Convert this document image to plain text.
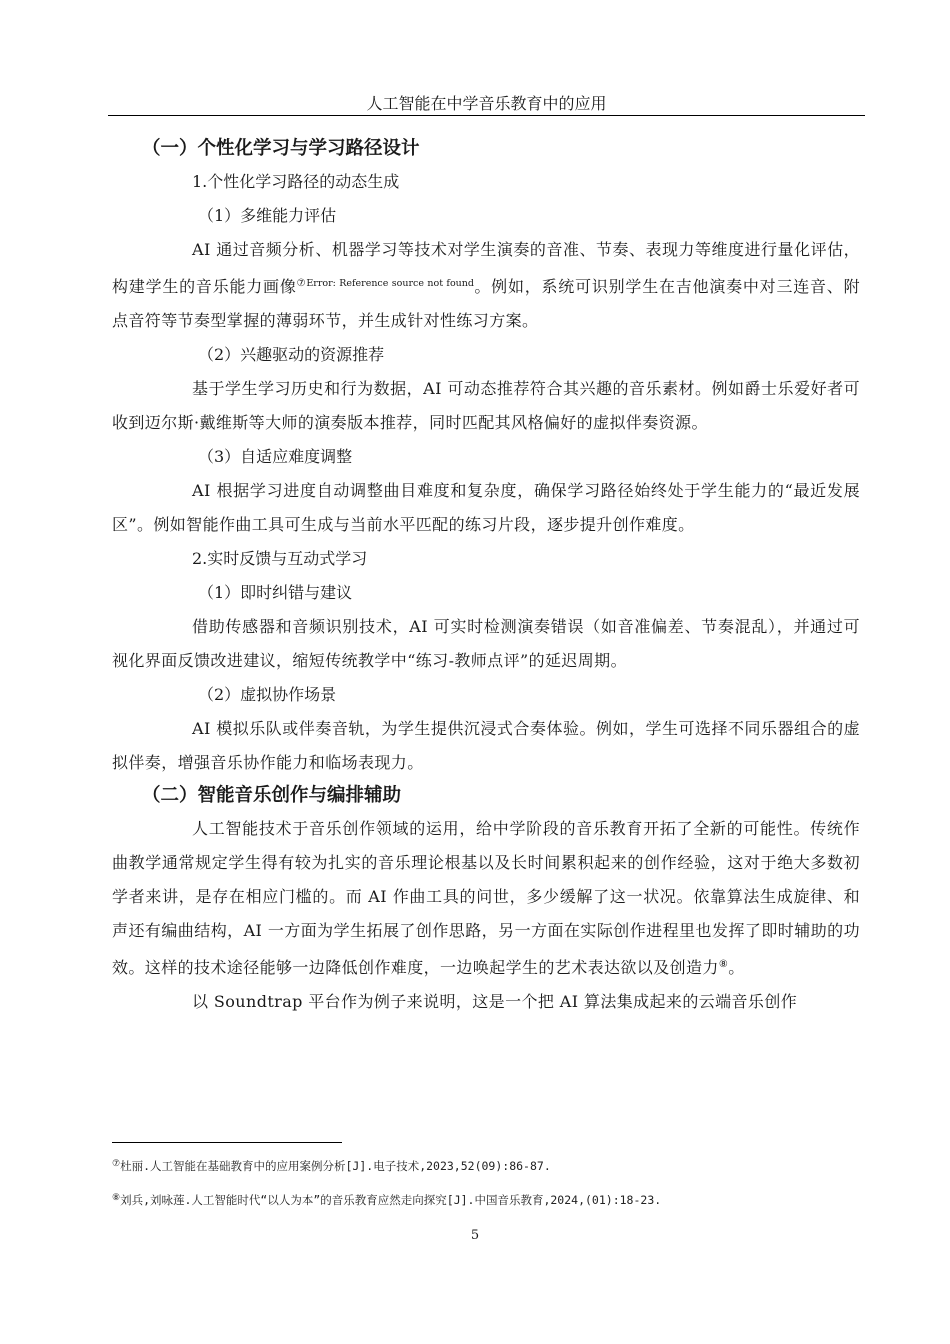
人工智能在中学音乐教育中的应用
（一）个性化学习与学习路径设计
1.个性化学习路径的动态生成
（1）多维能力评估

AI 通过音频分析、机器学习等技术对学生演奏的音准、节奏、表现力等维度进行量化评估，构建学生的音乐能力画像$^{⑦Error: Reference source not found}$。例如，系统可识别学生在吉他演奏中对三连音、附点音符等节奏型掌握的薄弱环节，并生成针对性练习方案。

（2）兴趣驱动的资源推荐

基于学生学习历史和行为数据，AI 可动态推荐符合其兴趣的音乐素材。例如爵士乐爱好者可收到迈尔斯·戴维斯等大师的演奏版本推荐，同时匹配其风格偏好的虚拟伴奏资源。

（3）自适应难度调整

AI 根据学习进度自动调整曲目难度和复杂度，确保学习路径始终处于学生能力的“最近发展区”。例如智能作曲工具可生成与当前水平匹配的练习片段，逐步提升创作难度。

2.实时反馈与互动式学习
（1）即时纠错与建议

借助传感器和音频识别技术，AI 可实时检测演奏错误（如音准偏差、节奏混乱），并通过可视化界面反馈改进建议，缩短传统教学中“练习-教师点评”的延迟周期。

（2）虚拟协作场景

AI 模拟乐队或伴奏音轨，为学生提供沉浸式合奏体验。例如，学生可选择不同乐器组合的虚拟伴奏，增强音乐协作能力和临场表现力。

（二）智能音乐创作与编排辅助

人工智能技术于音乐创作领域的运用，给中学阶段的音乐教育开拓了全新的可能性。传统作曲教学通常规定学生得有较为扎实的音乐理论根基以及长时间累积起来的创作经验，这对于绝大多数初学者来讲，是存在相应门槛的。而 AI 作曲工具的问世，多少缓解了这一状况。依靠算法生成旋律、和声还有编曲结构，AI 一方面为学生拓展了创作思路，另一方面在实际创作进程里也发挥了即时辅助的功效。这样的技术途径能够一边降低创作难度，一边唤起学生的艺术表达欲以及创造力⑧。

以 Soundtrap 平台作为例子来说明，这是一个把 AI 算法集成起来的云端音乐创作

⑦杜丽.人工智能在基础教育中的应用案例分析[J].电子技术,2023,52(09):86-87.
⑧刘兵,刘咏莲.人工智能时代“以人为本”的音乐教育应然走向探究[J].中国音乐教育,2024,(01):18-23.
5
